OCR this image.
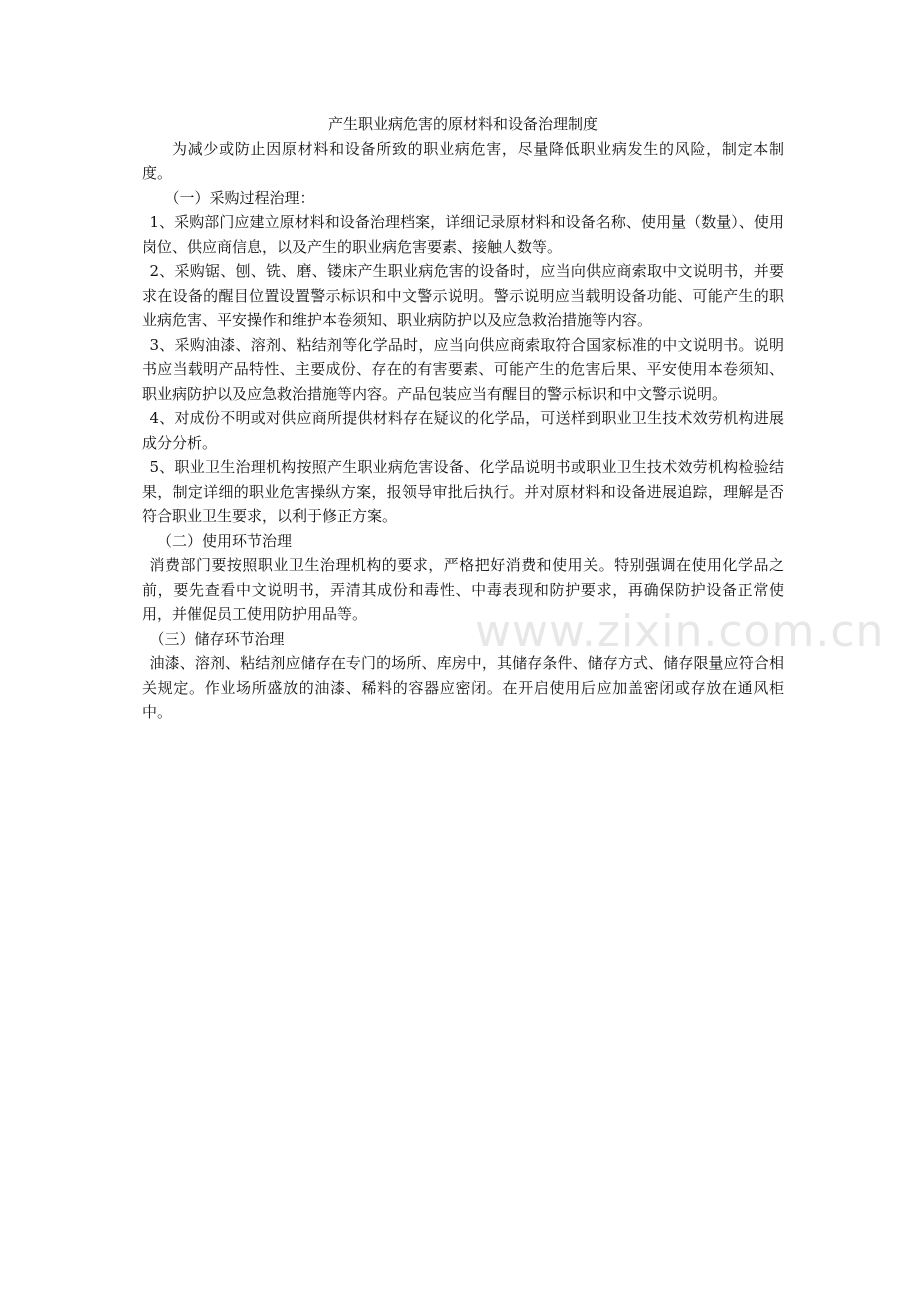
产生职业病危害的原材料和设备治理制度

为减少或防止因原材料和设备所致的职业病危害，尽量降低职业病发生的风险，制定本制度。

（一）采购过程治理：

1、采购部门应建立原材料和设备治理档案，详细记录原材料和设备名称、使用量（数量）、使用岗位、供应商信息，以及产生的职业病危害要素、接触人数等。

2、采购锯、刨、铣、磨、镂床产生职业病危害的设备时，应当向供应商索取中文说明书，并要求在设备的醒目位置设置警示标识和中文警示说明。警示说明应当载明设备功能、可能产生的职业病危害、平安操作和维护本卷须知、职业病防护以及应急救治措施等内容。

3、采购油漆、溶剂、粘结剂等化学品时，应当向供应商索取符合国家标准的中文说明书。说明书应当载明产品特性、主要成份、存在的有害要素、可能产生的危害后果、平安使用本卷须知、职业病防护以及应急救治措施等内容。产品包装应当有醒目的警示标识和中文警示说明。

4、对成份不明或对供应商所提供材料存在疑议的化学品，可送样到职业卫生技术效劳机构进展成分分析。

5、职业卫生治理机构按照产生职业病危害设备、化学品说明书或职业卫生技术效劳机构检验结果，制定详细的职业危害操纵方案，报领导审批后执行。并对原材料和设备进展追踪，理解是否符合职业卫生要求，以利于修正方案。

（二）使用环节治理

消费部门要按照职业卫生治理机构的要求，严格把好消费和使用关。特别强调在使用化学品之前，要先查看中文说明书，弄清其成份和毒性、中毒表现和防护要求，再确保防护设备正常使用，并催促员工使用防护用品等。

（三）储存环节治理

油漆、溶剂、粘结剂应储存在专门的场所、库房中，其储存条件、储存方式、储存限量应符合相关规定。作业场所盛放的油漆、稀料的容器应密闭。在开启使用后应加盖密闭或存放在通风柜中。

www.zixin.com.cn
